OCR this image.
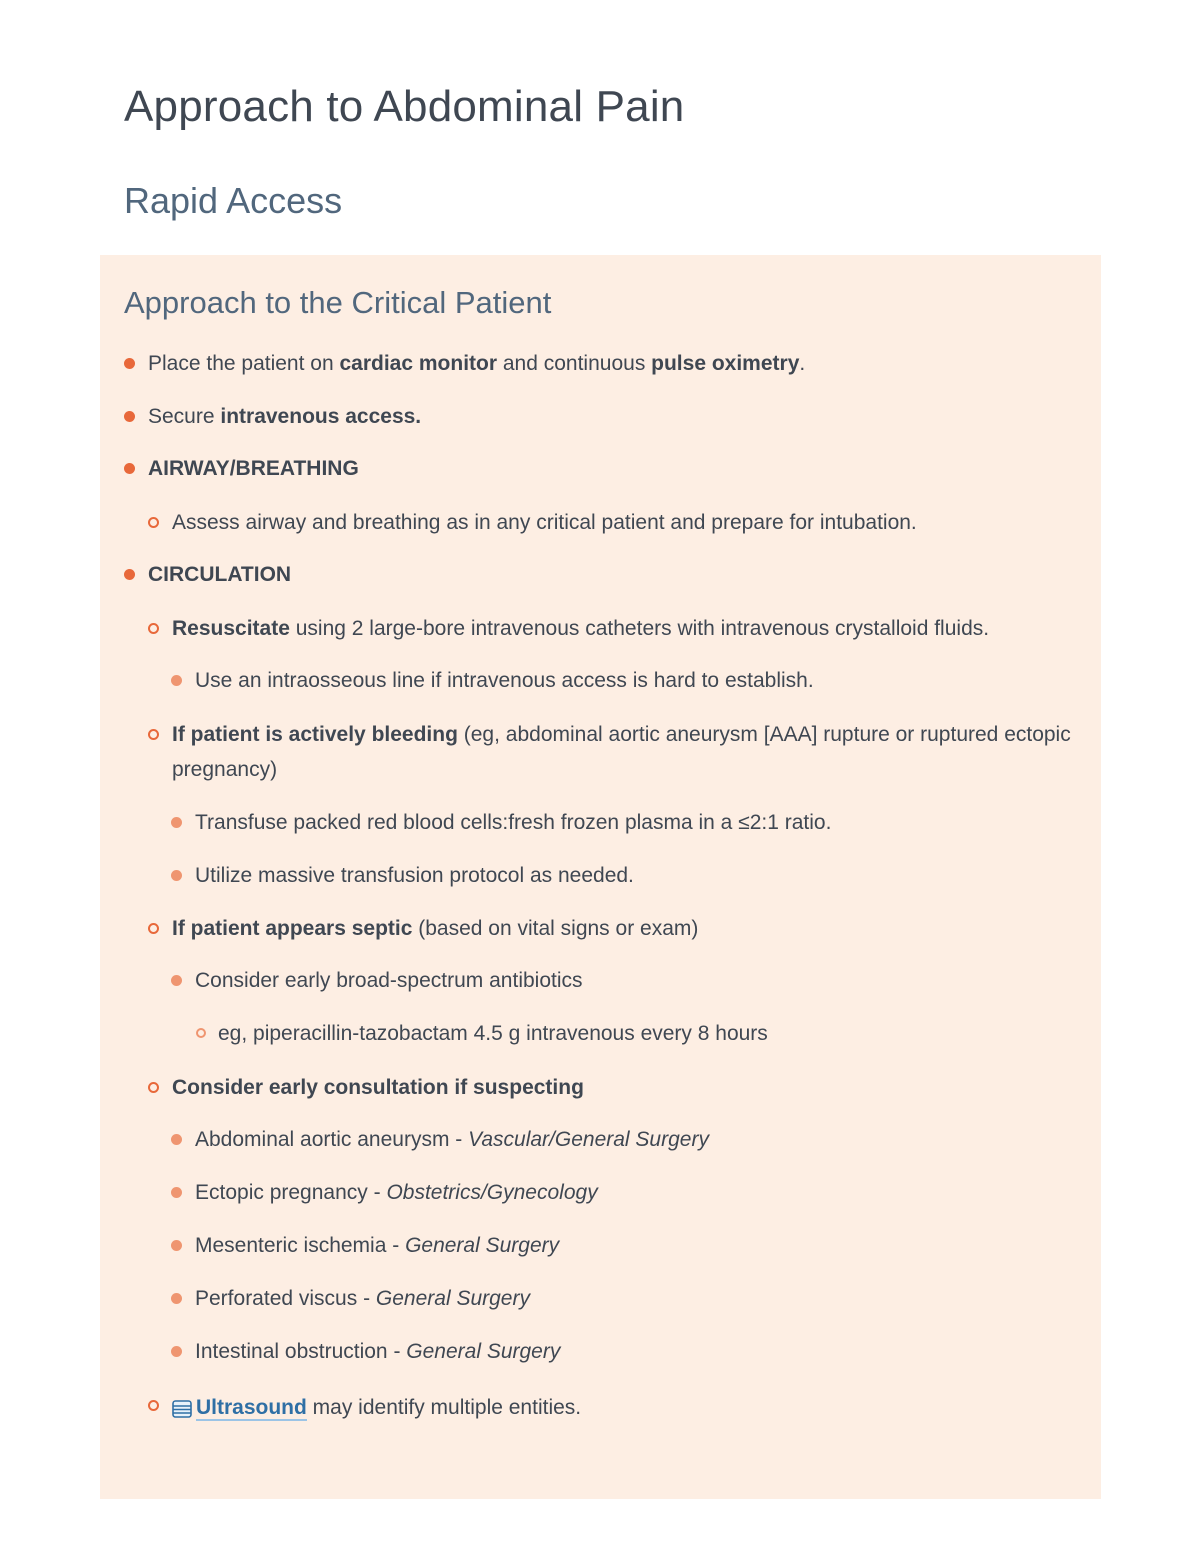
Approach to Abdominal Pain
Rapid Access
Approach to the Critical Patient
Place the patient on cardiac monitor and continuous pulse oximetry.
Secure intravenous access.
AIRWAY/BREATHING
Assess airway and breathing as in any critical patient and prepare for intubation.
CIRCULATION
Resuscitate using 2 large-bore intravenous catheters with intravenous crystalloid fluids.
Use an intraosseous line if intravenous access is hard to establish.
If patient is actively bleeding (eg, abdominal aortic aneurysm [AAA] rupture or ruptured ectopic pregnancy)
Transfuse packed red blood cells:fresh frozen plasma in a ≤2:1 ratio.
Utilize massive transfusion protocol as needed.
If patient appears septic (based on vital signs or exam)
Consider early broad-spectrum antibiotics
eg, piperacillin-tazobactam 4.5 g intravenous every 8 hours
Consider early consultation if suspecting
Abdominal aortic aneurysm - Vascular/General Surgery
Ectopic pregnancy - Obstetrics/Gynecology
Mesenteric ischemia - General Surgery
Perforated viscus - General Surgery
Intestinal obstruction - General Surgery
Ultrasound may identify multiple entities.
